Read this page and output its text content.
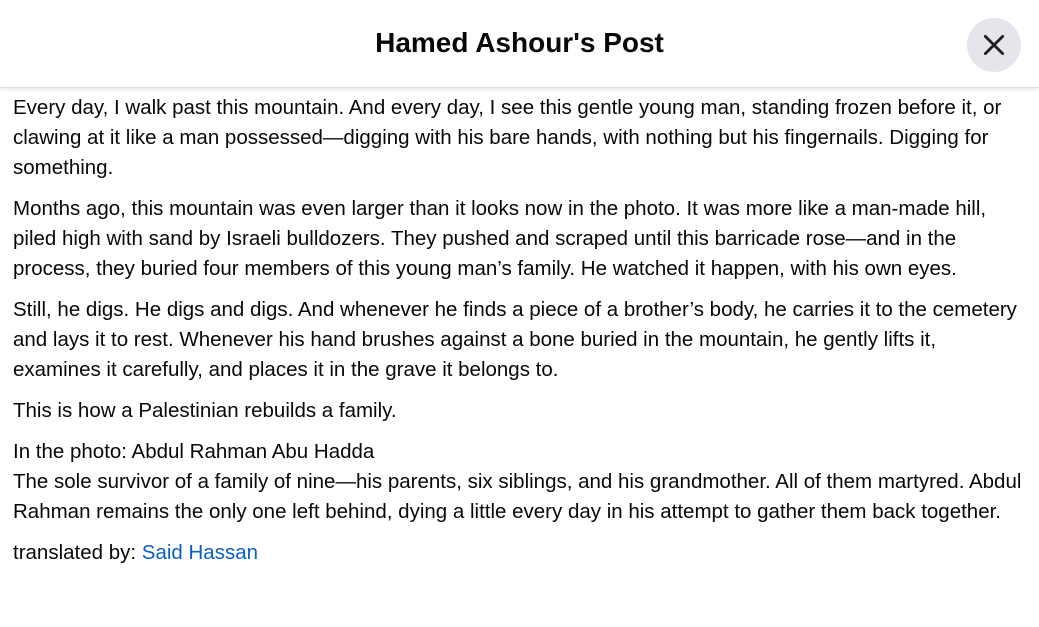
Hamed Ashour's Post

Every day, I walk past this mountain. And every day, I see this gentle young man, standing frozen before it, or clawing at it like a man possessed—digging with his bare hands, with nothing but his fingernails. Digging for something.

Months ago, this mountain was even larger than it looks now in the photo. It was more like a man-made hill, piled high with sand by Israeli bulldozers. They pushed and scraped until this barricade rose—and in the process, they buried four members of this young man’s family. He watched it happen, with his own eyes.

Still, he digs. He digs and digs. And whenever he finds a piece of a brother’s body, he carries it to the cemetery and lays it to rest. Whenever his hand brushes against a bone buried in the mountain, he gently lifts it, examines it carefully, and places it in the grave it belongs to.

This is how a Palestinian rebuilds a family.

In the photo: Abdul Rahman Abu Hadda
The sole survivor of a family of nine—his parents, six siblings, and his grandmother. All of them martyred. Abdul Rahman remains the only one left behind, dying a little every day in his attempt to gather them back together.

translated by: Said Hassan
